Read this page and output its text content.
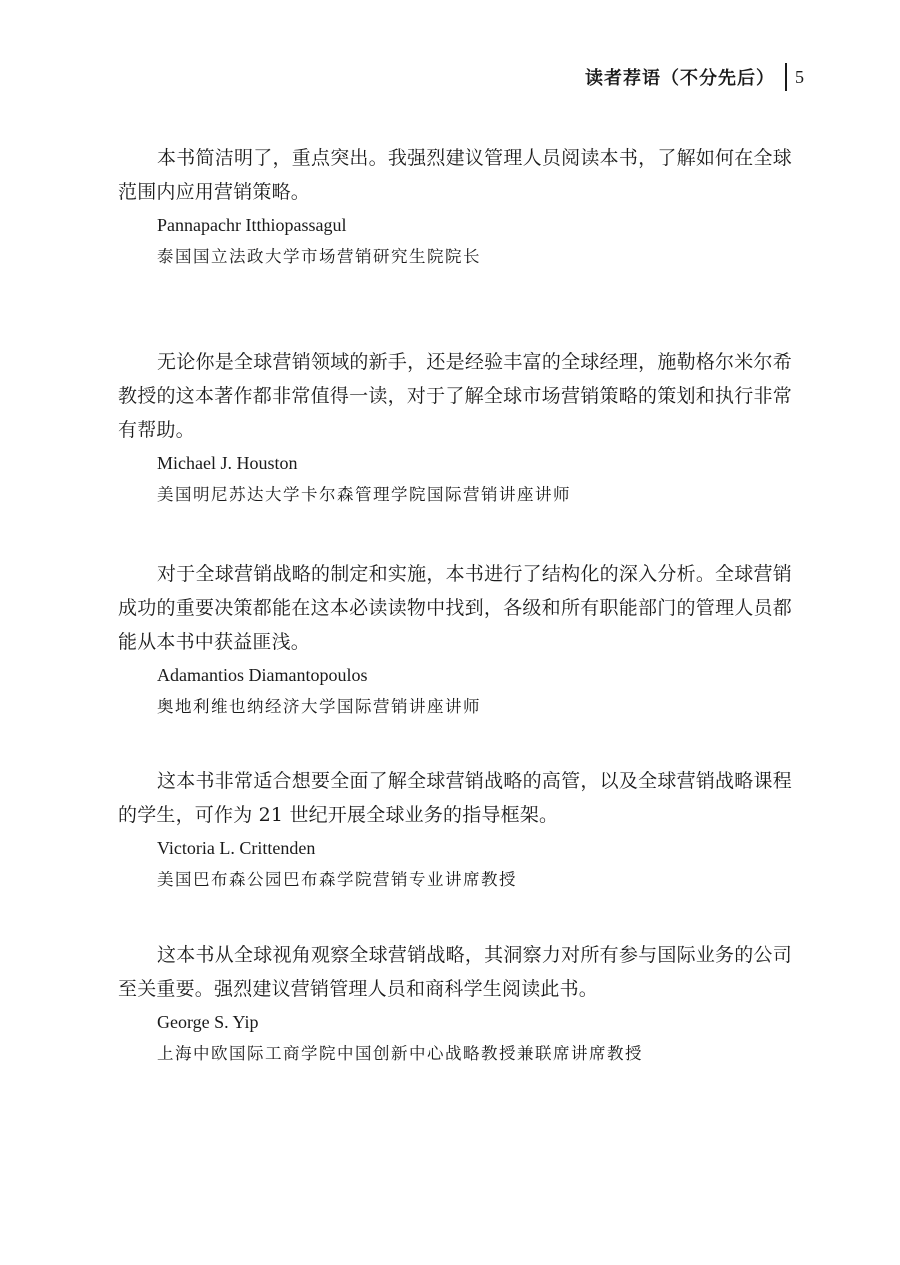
读者荐语（不分先后） 5

本书简洁明了，重点突出。我强烈建议管理人员阅读本书，了解如何在全球范围内应用营销策略。

Pannapachr Itthiopassagul
泰国国立法政大学市场营销研究生院院长

无论你是全球营销领域的新手，还是经验丰富的全球经理，施勒格尔米尔希教授的这本著作都非常值得一读，对于了解全球市场营销策略的策划和执行非常有帮助。

Michael J. Houston
美国明尼苏达大学卡尔森管理学院国际营销讲座讲师

对于全球营销战略的制定和实施，本书进行了结构化的深入分析。全球营销成功的重要决策都能在这本必读读物中找到，各级和所有职能部门的管理人员都能从本书中获益匪浅。

Adamantios Diamantopoulos
奥地利维也纳经济大学国际营销讲座讲师

这本书非常适合想要全面了解全球营销战略的高管，以及全球营销战略课程的学生，可作为 21 世纪开展全球业务的指导框架。

Victoria L. Crittenden
美国巴布森公园巴布森学院营销专业讲席教授

这本书从全球视角观察全球营销战略，其洞察力对所有参与国际业务的公司至关重要。强烈建议营销管理人员和商科学生阅读此书。

George S. Yip
上海中欧国际工商学院中国创新中心战略教授兼联席讲席教授
